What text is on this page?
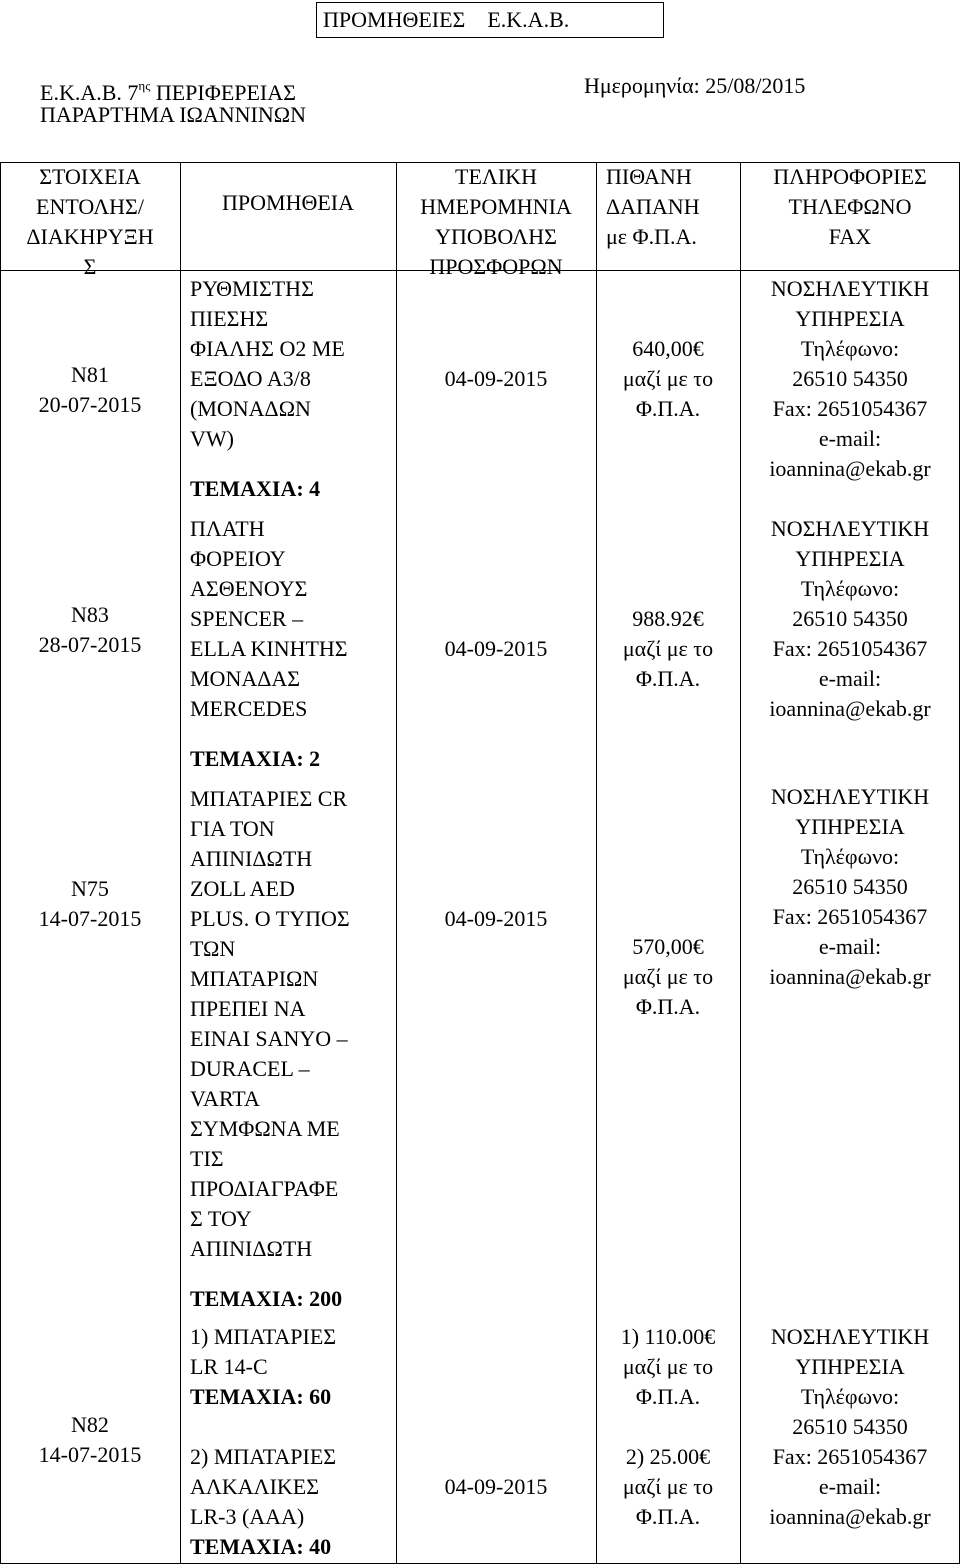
ΠΡΟΜΗΘΕΙΕΣ    Ε.Κ.Α.Β.
Ε.Κ.Α.Β. $7^{\eta\varsigma}$ ΠΕΡΙΦΕΡΕΙΑΣ
ΠΑΡΑΡΤΗΜΑ ΙΩΑΝΝΙΝΩΝ
Ημερομηνία: 25/08/2015
ΣΤΟΙΧΕΙΑ
ΕΝΤΟΛΗΣ/
ΔΙΑΚΗΡΥΞΗ
Σ
ΠΡΟΜΗΘΕΙΑ
ΤΕΛΙΚΗ
ΗΜΕΡΟΜΗΝΙΑ
ΥΠΟΒΟΛΗΣ
ΠΡΟΣΦΟΡΩΝ
ΠΙΘΑΝΗ
ΔΑΠΑΝΗ
με Φ.Π.Α.
ΠΛΗΡΟΦΟΡΙΕΣ
ΤΗΛΕΦΩΝΟ
FAX
Ν81
20-07-2015
ΡΥΘΜΙΣΤΗΣ
ΠΙΕΣΗΣ
ΦΙΑΛΗΣ Ο2 ΜΕ
ΕΞΟΔΟ Α3/8
(ΜΟΝΑΔΩΝ
VW)
ΤΕΜΑΧΙΑ: 4
04-09-2015
640,00€
μαζί με το
Φ.Π.Α.
ΝΟΣΗΛΕΥΤΙΚΗ
ΥΠΗΡΕΣΙΑ
Τηλέφωνο:
26510 54350
Fax: 2651054367
e-mail:
ioannina@ekab.gr
Ν83
28-07-2015
ΠΛΑΤΗ
ΦΟΡΕΙΟΥ
ΑΣΘΕΝΟΥΣ
SPENCER –
ELLA ΚΙΝΗΤΗΣ
ΜΟΝΑΔΑΣ
MERCEDES
ΤΕΜΑΧΙΑ: 2
04-09-2015
988.92€
μαζί με το
Φ.Π.Α.
ΝΟΣΗΛΕΥΤΙΚΗ
ΥΠΗΡΕΣΙΑ
Τηλέφωνο:
26510 54350
Fax: 2651054367
e-mail:
ioannina@ekab.gr
Ν75
14-07-2015
ΜΠΑΤΑΡΙΕΣ CR
ΓΙΑ ΤΟΝ
ΑΠΙΝΙΔΩΤΗ
ZOLL AED
PLUS. Ο ΤΥΠΟΣ
ΤΩΝ
ΜΠΑΤΑΡΙΩΝ
ΠΡΕΠΕΙ ΝΑ
ΕΙΝΑΙ SANYO –
DURACEL –
VARTA
ΣΥΜΦΩΝΑ ΜΕ
ΤΙΣ
ΠΡΟΔΙΑΓΡΑΦΕ
Σ ΤΟΥ
ΑΠΙΝΙΔΩΤΗ
ΤΕΜΑΧΙΑ: 200
04-09-2015
570,00€
μαζί με το
Φ.Π.Α.
ΝΟΣΗΛΕΥΤΙΚΗ
ΥΠΗΡΕΣΙΑ
Τηλέφωνο:
26510 54350
Fax: 2651054367
e-mail:
ioannina@ekab.gr
Ν82
14-07-2015
1) ΜΠΑΤΑΡΙΕΣ
LR 14-C
ΤΕΜΑΧΙΑ: 60
2) ΜΠΑΤΑΡΙΕΣ
ΑΛΚΑΛΙΚΕΣ
LR-3 (AAA)
ΤΕΜΑΧΙΑ: 40
04-09-2015
1) 110.00€
μαζί με το
Φ.Π.Α.
2) 25.00€
μαζί με το
Φ.Π.Α.
ΝΟΣΗΛΕΥΤΙΚΗ
ΥΠΗΡΕΣΙΑ
Τηλέφωνο:
26510 54350
Fax: 2651054367
e-mail:
ioannina@ekab.gr
